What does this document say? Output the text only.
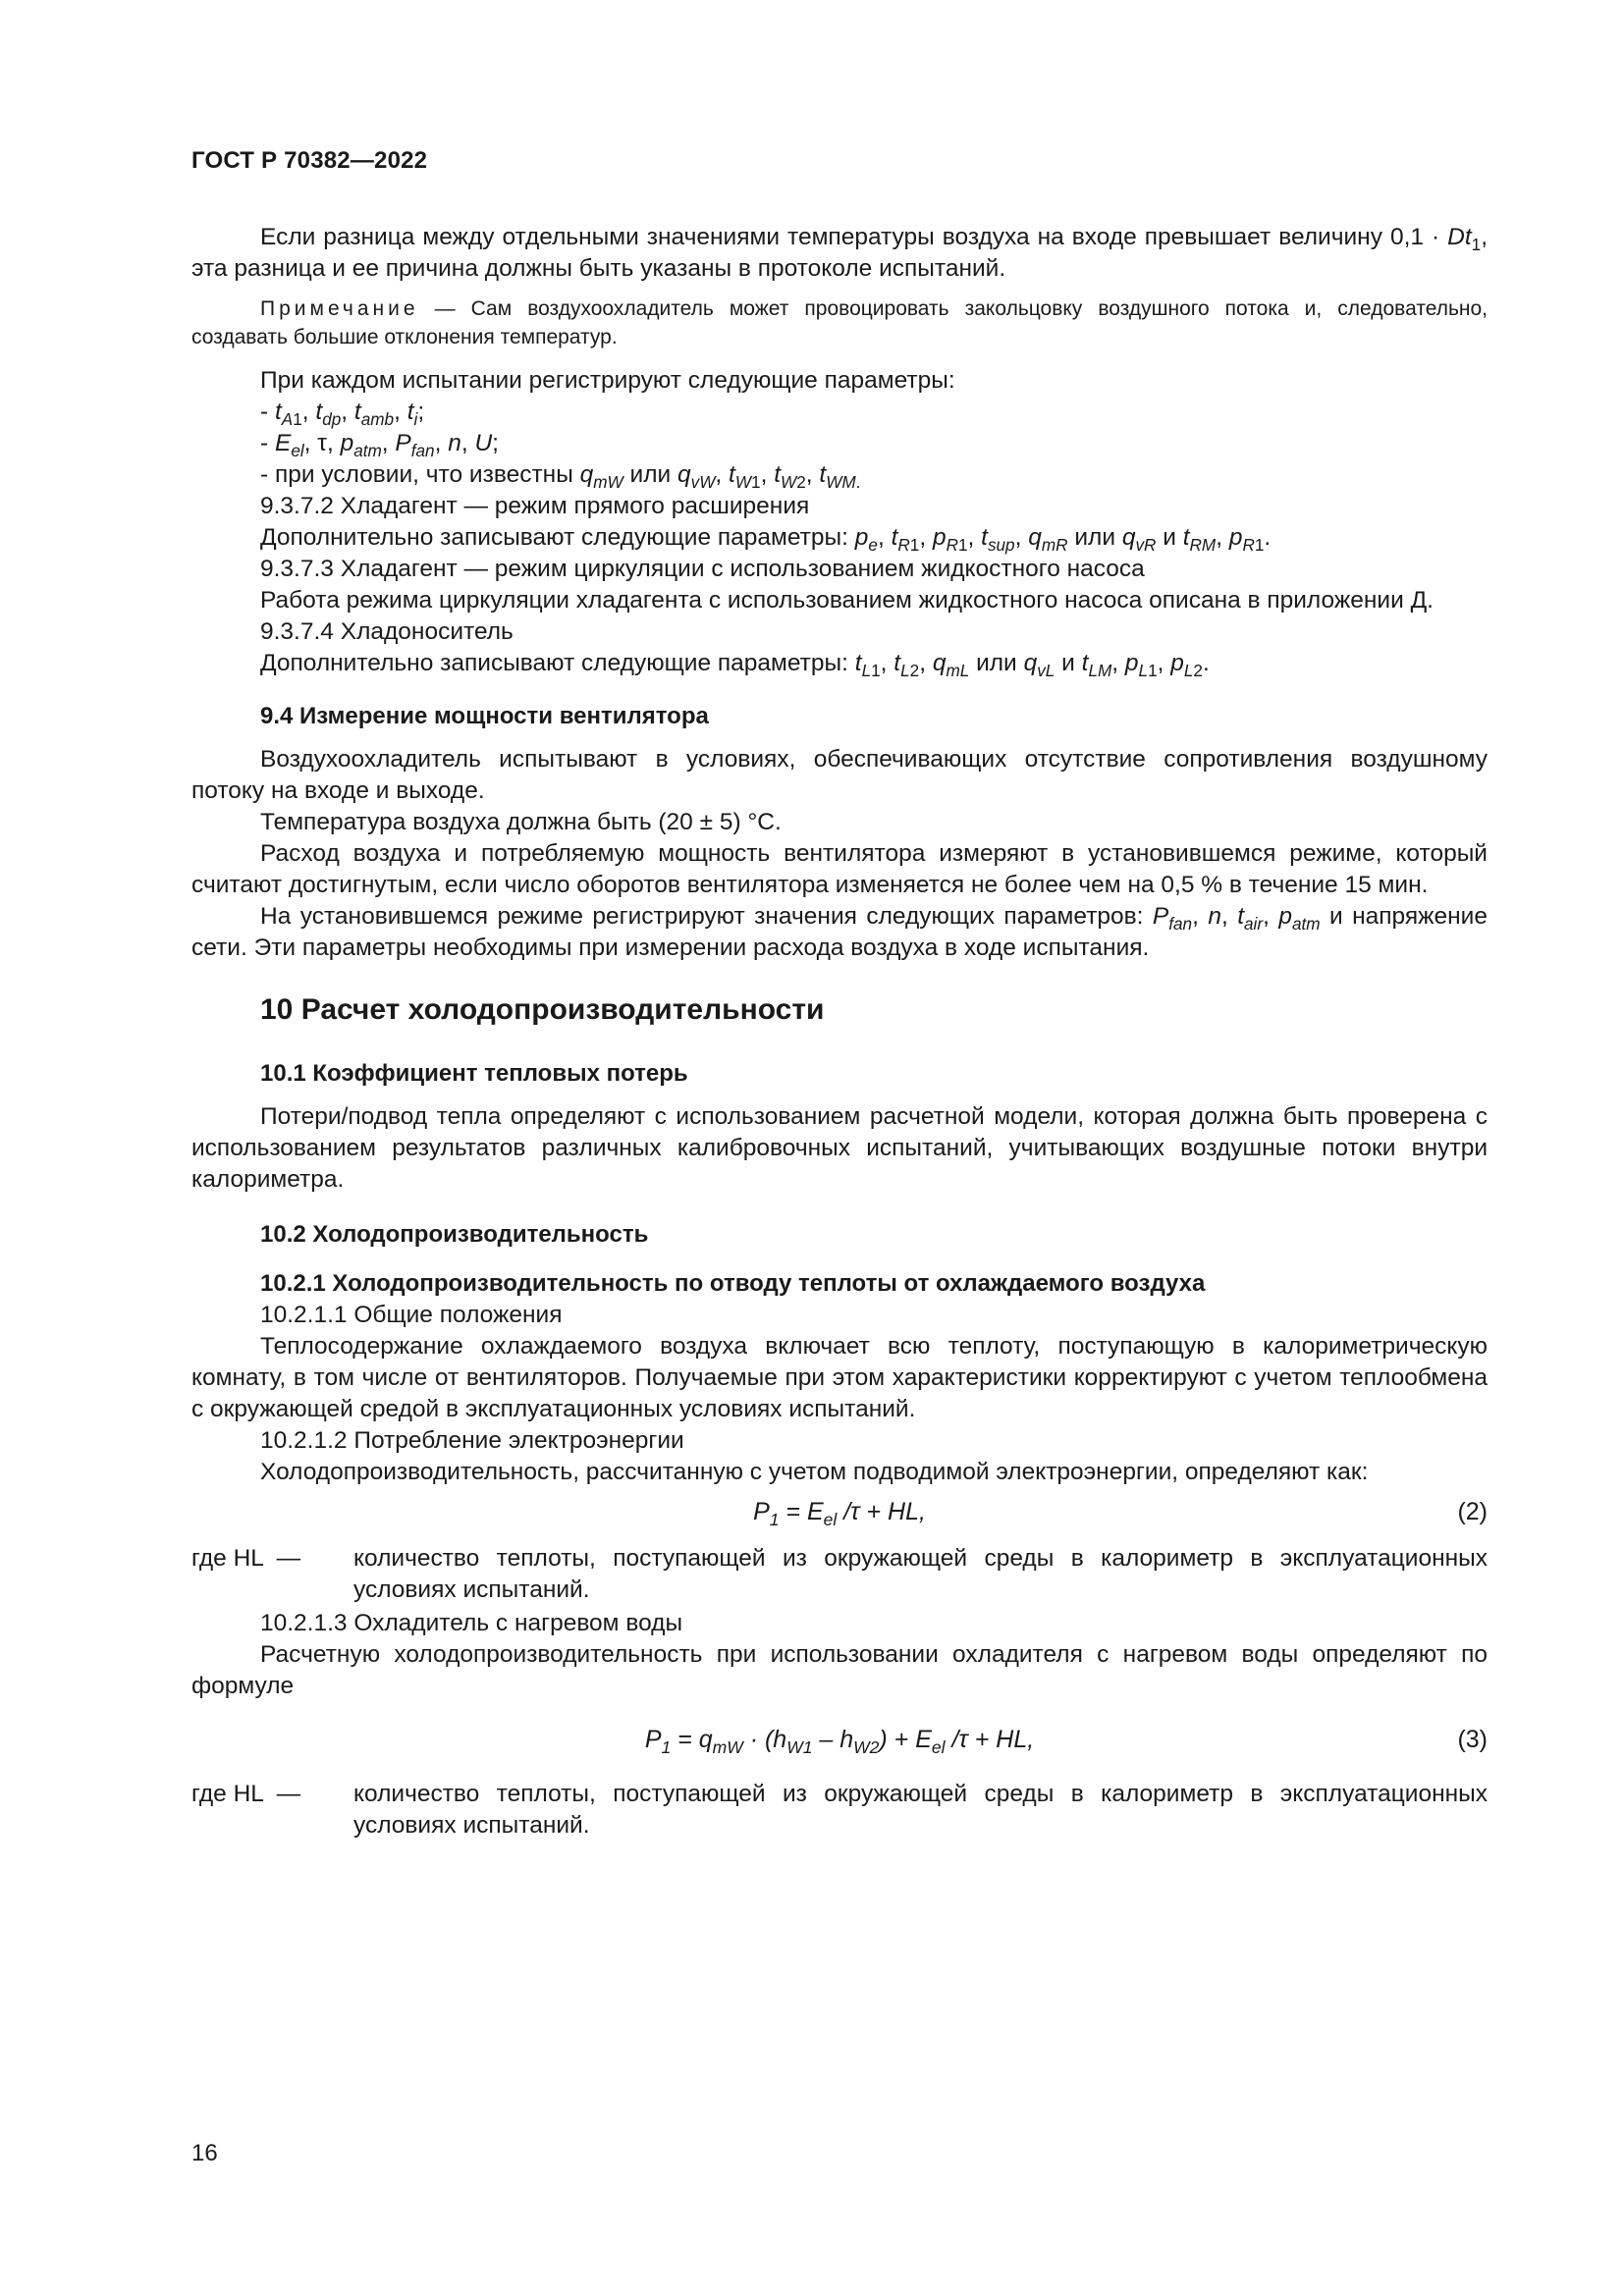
ГОСТ Р 70382—2022

Если разница между отдельными значениями температуры воздуха на входе превышает величину $0,1 \cdot Dt_1$, эта разница и ее причина должны быть указаны в протоколе испытаний.

Примечание — Сам воздухоохладитель может провоцировать закольцовку воздушного потока и, следовательно, создавать большие отклонения температур.

При каждом испытании регистрируют следующие параметры:

- $t_{A1}$, $t_{dp}$, $t_{amb}$, $t_i$;

- $E_{el}$, τ, $p_{atm}$, $P_{fan}$, n, U;

- при условии, что известны $q_{mW}$ или $q_{vW}$, $t_{W1}$, $t_{W2}$, $t_{WM.}$

9.3.7.2 Хладагент — режим прямого расширения

Дополнительно записывают следующие параметры: $p_e$, $t_{R1}$, $p_{R1}$, $t_{sup}$, $q_{mR}$ или $q_{vR}$ и $t_{RM}$, $p_{R1}$.

9.3.7.3 Хладагент — режим циркуляции с использованием жидкостного насоса

Работа режима циркуляции хладагента с использованием жидкостного насоса описана в приложении Д.

9.3.7.4 Хладоноситель

Дополнительно записывают следующие параметры: $t_{L1}$, $t_{L2}$, $q_{mL}$ или $q_{vL}$ и $t_{LM}$, $p_{L1}$, $p_{L2}$.

9.4 Измерение мощности вентилятора

Воздухоохладитель испытывают в условиях, обеспечивающих отсутствие сопротивления воздушному потоку на входе и выходе.

Температура воздуха должна быть (20 ± 5) °C.

Расход воздуха и потребляемую мощность вентилятора измеряют в установившемся режиме, который считают достигнутым, если число оборотов вентилятора изменяется не более чем на 0,5 % в течение 15 мин.

На установившемся режиме регистрируют значения следующих параметров: $P_{fan}$, n, $t_{air}$, $p_{atm}$ и напряжение сети. Эти параметры необходимы при измерении расхода воздуха в ходе испытания.

10 Расчет холодопроизводительности

10.1 Коэффициент тепловых потерь

Потери/подвод тепла определяют с использованием расчетной модели, которая должна быть проверена с использованием результатов различных калибровочных испытаний, учитывающих воздушные потоки внутри калориметра.

10.2 Холодопроизводительность

10.2.1 Холодопроизводительность по отводу теплоты от охлаждаемого воздуха

10.2.1.1 Общие положения

Теплосодержание охлаждаемого воздуха включает всю теплоту, поступающую в калориметрическую комнату, в том числе от вентиляторов. Получаемые при этом характеристики корректируют с учетом теплообмена с окружающей средой в эксплуатационных условиях испытаний.

10.2.1.2 Потребление электроэнергии

Холодопроизводительность, рассчитанную с учетом подводимой электроэнергии, определяют как:

$P_1 = E_{el}$ /τ + HL,	(2)
где HL  —	количество теплоты, поступающей из окружающей среды в калориметр в эксплуатационных условиях испытаний.

10.2.1.3 Охладитель с нагревом воды

Расчетную холодопроизводительность при использовании охладителя с нагревом воды определяют по формуле

$P_1 = q_{mW} \cdot (h_{W1} - h_{W2}) + E_{el}$ /τ + HL,	(3)
где HL  —	количество теплоты, поступающей из окружающей среды в калориметр в эксплуатационных условиях испытаний.
16
